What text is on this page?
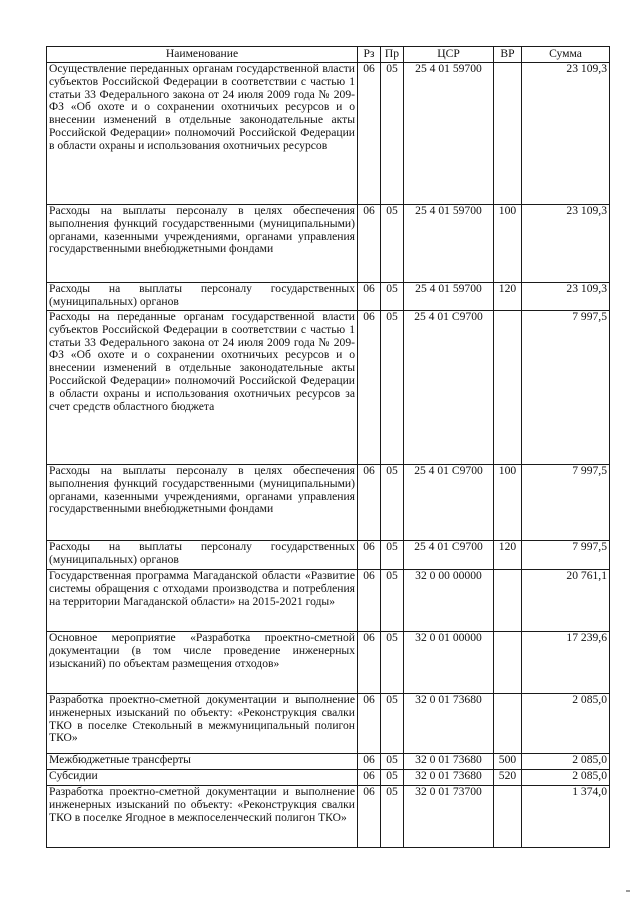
Наименование	Рз	Пр	ЦСР	ВР	Сумма
Осуществление переданных органам государственной власти субъектов Российской Федерации в соответствии с частью 1 статьи 33 Федерального закона от 24 июля 2009 года № 209-ФЗ «Об охоте и о сохранении охотничьих ресурсов и о внесении изменений в отдельные законодательные акты Российской Федерации» полномочий Российской Федерации в области охраны и использования охотничьих ресурсов	06	05	25 4 01 59700		23 109,3
Расходы на выплаты персоналу в целях обеспечения выполнения функций государственными (муниципальными) органами, казенными учреждениями, органами управления государственными внебюджетными фондами	06	05	25 4 01 59700	100	23 109,3
Расходы на выплаты персоналу государственных (муниципальных) органов	06	05	25 4 01 59700	120	23 109,3
Расходы на переданные органам государственной власти субъектов Российской Федерации в соответствии с частью 1 статьи 33 Федерального закона от 24 июля 2009 года № 209-ФЗ «Об охоте и о сохранении охотничьих ресурсов и о внесении изменений в отдельные законодательные акты Российской Федерации» полномочий Российской Федерации в области охраны и использования охотничьих ресурсов за счет средств областного бюджета	06	05	25 4 01 С9700		7 997,5
Расходы на выплаты персоналу в целях обеспечения выполнения функций государственными (муниципальными) органами, казенными учреждениями, органами управления государственными внебюджетными фондами	06	05	25 4 01 С9700	100	7 997,5
Расходы на выплаты персоналу государственных (муниципальных) органов	06	05	25 4 01 С9700	120	7 997,5
Государственная программа Магаданской области «Развитие системы обращения с отходами производства и потребления на территории Магаданской области» на 2015-2021 годы»	06	05	32 0 00 00000		20 761,1
Основное мероприятие «Разработка проектно-сметной документации (в том числе проведение инженерных изысканий) по объектам размещения отходов»	06	05	32 0 01 00000		17 239,6
Разработка проектно-сметной документации и выполнение инженерных изысканий по объекту: «Реконструкция свалки ТКО в поселке Стекольный в межмуниципальный полигон ТКО»	06	05	32 0 01 73680		2 085,0
Межбюджетные трансферты	06	05	32 0 01 73680	500	2 085,0
Субсидии	06	05	32 0 01 73680	520	2 085,0
Разработка проектно-сметной документации и выполнение инженерных изысканий по объекту: «Реконструкция свалки ТКО в поселке Ягодное в межпоселенческий полигон ТКО»	06	05	32 0 01 73700		1 374,0
